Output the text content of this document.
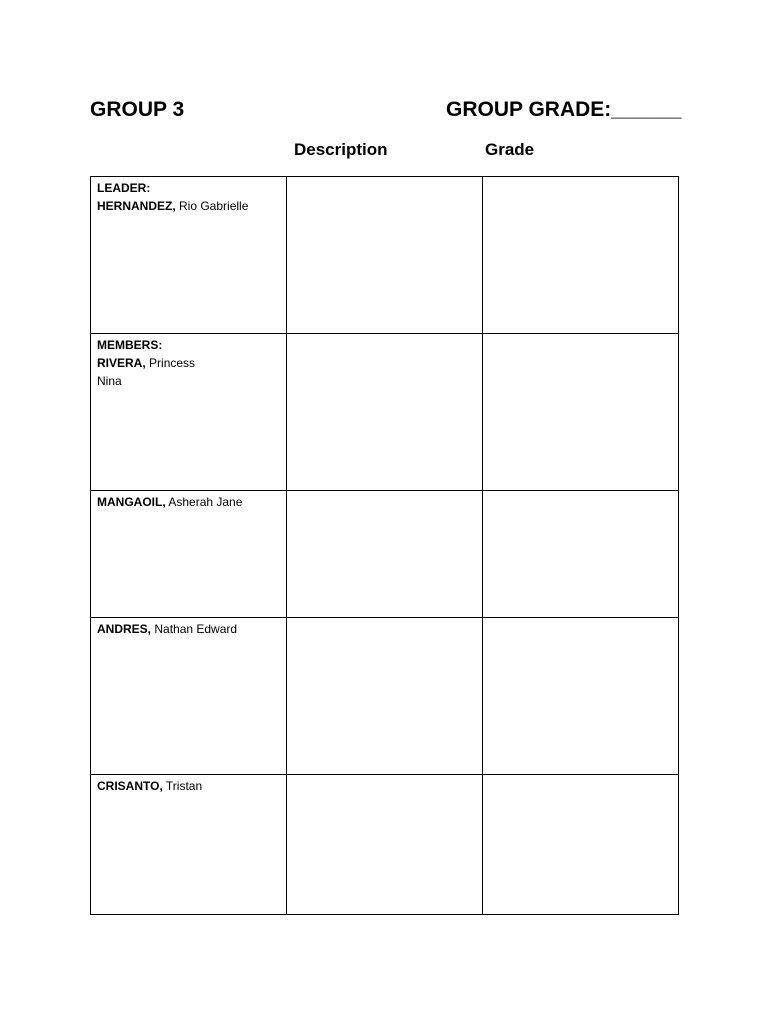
GROUP 3	GROUP GRADE:______
Description	Grade
LEADER:
HERNANDEZ, Rio Gabrielle		

MEMBERS:
RIVERA, Princess
Nina		

MANGAOIL, Asherah Jane		

ANDRES, Nathan Edward		

CRISANTO, Tristan		
